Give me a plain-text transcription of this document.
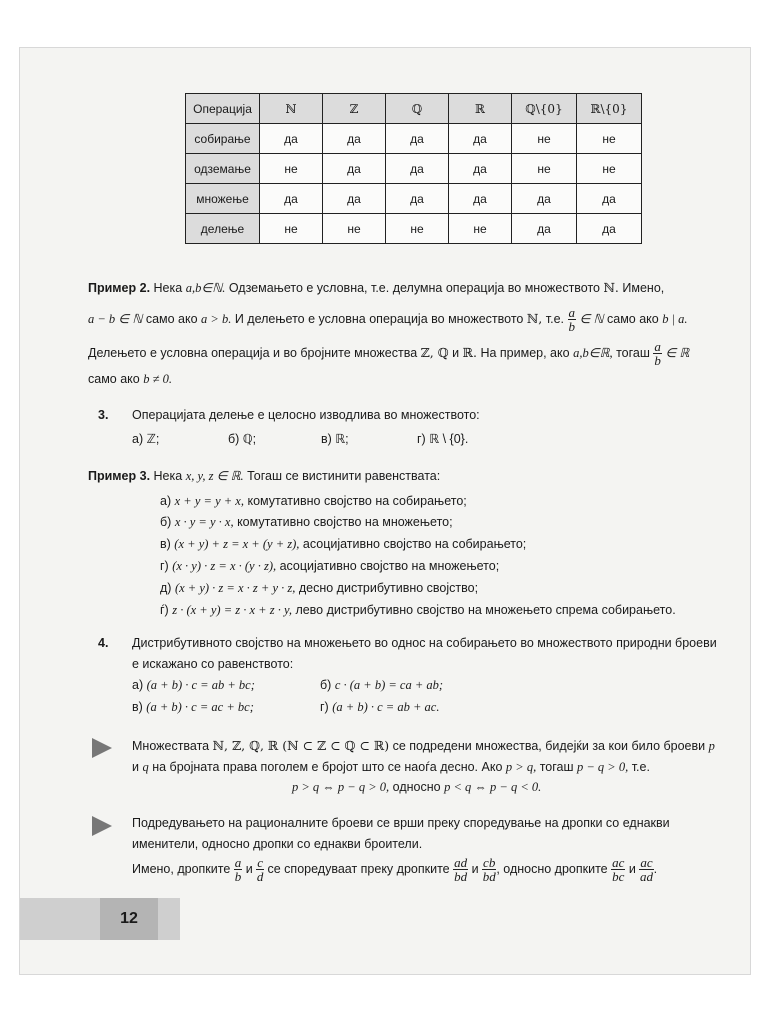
Операција	ℕ	ℤ	ℚ	ℝ	ℚ\{0}	ℝ\{0}
собирање	да	да	да	да	не	не
одземање	не	да	да	да	не	не
множење	да	да	да	да	да	да
делење	не	не	не	не	да	да
Пример 2. Нека a,b∈ℕ. Одземањето е условна, т.е. делумна операција во множеството ℕ. Имено,
a − b ∈ ℕ само ако a > b. И делењето е условна операција во множеството ℕ, т.е. $\frac{a}{b}$ ∈ ℕ само ако b | a.
Делењето е условна операција и во бројните множества ℤ, ℚ и ℝ. На пример, ако a,b∈ℝ, тогаш $\frac{a}{b}$ ∈ ℝ
само ако b ≠ 0.
3. Операцијата делење е целосно изводлива во множеството:
а) ℤ;	б) ℚ;	в) ℝ;	г) ℝ \ {0}.
Пример 3. Нека x, y, z ∈ ℝ. Тогаш се вистинити равенствата:
а) x + y = y + x, комутативно својство на собирањето;
б) x · y = y · x, комутативно својство на множењето;
в) (x + y) + z = x + (y + z), асоцијативно својство на собирањето;
г) (x · y) · z = x · (y · z), асоцијативно својство на множењето;
д) (x + y) · z = x · z + y · z, десно дистрибутивно својство;
ѓ) z · (x + y) = z · x + z · y, лево дистрибутивно својство на множењето спрема собирањето.
4. Дистрибутивното својство на множењето во однос на собирањето во множеството природни броеви
е искажано со равенството:
а) (a + b) · c = ab + bc;	б) c · (a + b) = ca + ab;
в) (a + b) · c = ac + bc;	г) (a + b) · c = ab + ac.
Множествата ℕ, ℤ, ℚ, ℝ (ℕ ⊂ ℤ ⊂ ℚ ⊂ ℝ) се подредени множества, бидејќи за кои било броеви p
и q на бројната права поголем е бројот што се наоѓа десно. Ако p > q, тогаш p − q > 0, т.е.
p > q ⇔ p − q > 0, односно p < q ⇔ p − q < 0.
Подредувањето на рационалните броеви се врши преку споредување на дропки со еднакви
именители, односно дропки со еднакви броители.
Имено, дропките $\frac{a}{b}$ и $\frac{c}{d}$ се споредуваат преку дропките $\frac{ad}{bd}$ и $\frac{cb}{bd}$ , односно дропките $\frac{ac}{bc}$ и $\frac{ac}{ad}$ .
12
